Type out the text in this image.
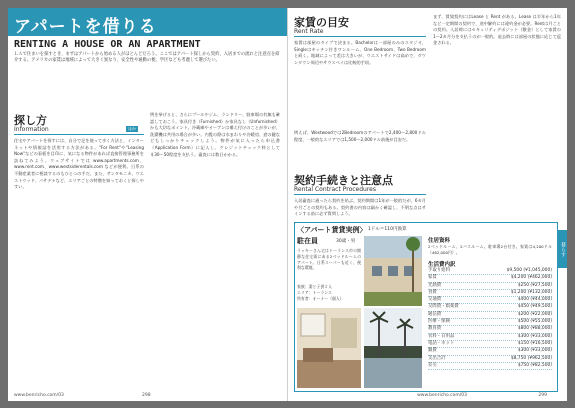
アパートを借りる
RENTING A HOUSE OR AN APARTMENT
ＬＡで住まいを探すとき、まずはアパートから始める人がほとんどだろう。ここではアパート探しから契約、入居までの流れと注意点を紹介する。アメリカの家賃は地域によって大きく異なり、安全性や通勤の便、学区なども考慮して選びたい。
探し方
Information	ほか
住宅やアパートを探すには、自分で足を使って歩く方法と、インターネットや情報誌を活用する方法がある。"For Rent"や"Leasing Now"などの看板を目印に、気になる物件があれば直接管理事務所を訪ねてみよう。ウェブサイトでは www.apartments.com、www.rent.com、www.westsiderentals.com などが便利。日系の不動産業者に相談するのもひとつの手だ。また、サンタモニカ、ウエストウッド、パサデナなど、エリアごとの特徴を知っておくと探しやすい。
例を挙げると、さらにプールやジム、ランドリー、駐車場の有無も確認しておこう。家具付き（Furnished）か家具なし（Unfurnished）かも大切なポイント。冷蔵庫やオーブンは備え付けのことが多いが、洗濯機は共用の場合が多い。内覧の際は水まわりや冷暖房、窓の鍵などもしっかりチェックしよう。物件が気に入ったら申込書（Application Form）に記入し、クレジットチェック料として＄30〜50程度を支払う。審査には数日かかる。
www.benricho.com/03	298
家賃の目安
Rent Rate
家賃は部屋のタイプで決まる。Bachelorは一部屋のみのスタジオ、Singleはキッチン付きワンルーム、One Bedroom、Two Bedroomと続く。地域によって差は大きいが、ウエストサイドは高めで、ダウンタウン周辺やサウスベイは比較的手頃。
例えば、Westwoodでは2Bedroomのアパートで2,400〜2,800ドル程度、一般的なエリアでは1,500〜2,000ドル前後が目安だ。
契約手続きと注意点
Rental Contract Procedures
入居審査に通ったら契約を結ぶ。契約期間は1年が一般的だが、6カ月や月ごとの契約もある。契約書の内容は細かく確認し、不明な点はサインする前に必ず質問しよう。
まず、賃貸契約にはLease と Rent がある。Lease は半年から1年など一定期間の契約で、途中解約には違約金が必要。Rentは月ごとの契約。入居時にはセキュリティデポジット（敷金）として家賃の1〜2カ月分を支払うのが一般的。退去時には部屋の状態に応じて返金される。
〈アパート賃貸実例〉 1ドル＝110円換算
駐在員	30歳・男
ラッキーさん宅はトーランス市の閑静な住宅街にある2ベッドルームのアパート。日系スーパーも近く、便利な環境。
家族：妻と子供２人
エリア：トーランス
所有者：オーナー（個人）
暮らす
住居資料
2ベッドルーム、2バスルーム。駐車場2台付き。家賃は4,200ドル（462,000円）。
生活費内訳
手取り給料	$9,500 (¥1,045,000)
家賃	$4,200 (¥462,000)
光熱費	$250 (¥27,500)
食費	$1,200 (¥132,000)
交通費	$400 (¥44,000)
交際費・娯楽費	$450 (¥49,500)
通信費	$200 (¥22,000)
医療・保険	$500 (¥55,000)
教育費	$800 (¥88,000)
衣料・日用品	$300 (¥33,000)
電話・ネット	$150 (¥16,500)
雑費	$300 (¥33,000)
支出合計	$8,750 (¥962,500)
差引	$750 (¥82,500)
299
www.benricho.com/03
